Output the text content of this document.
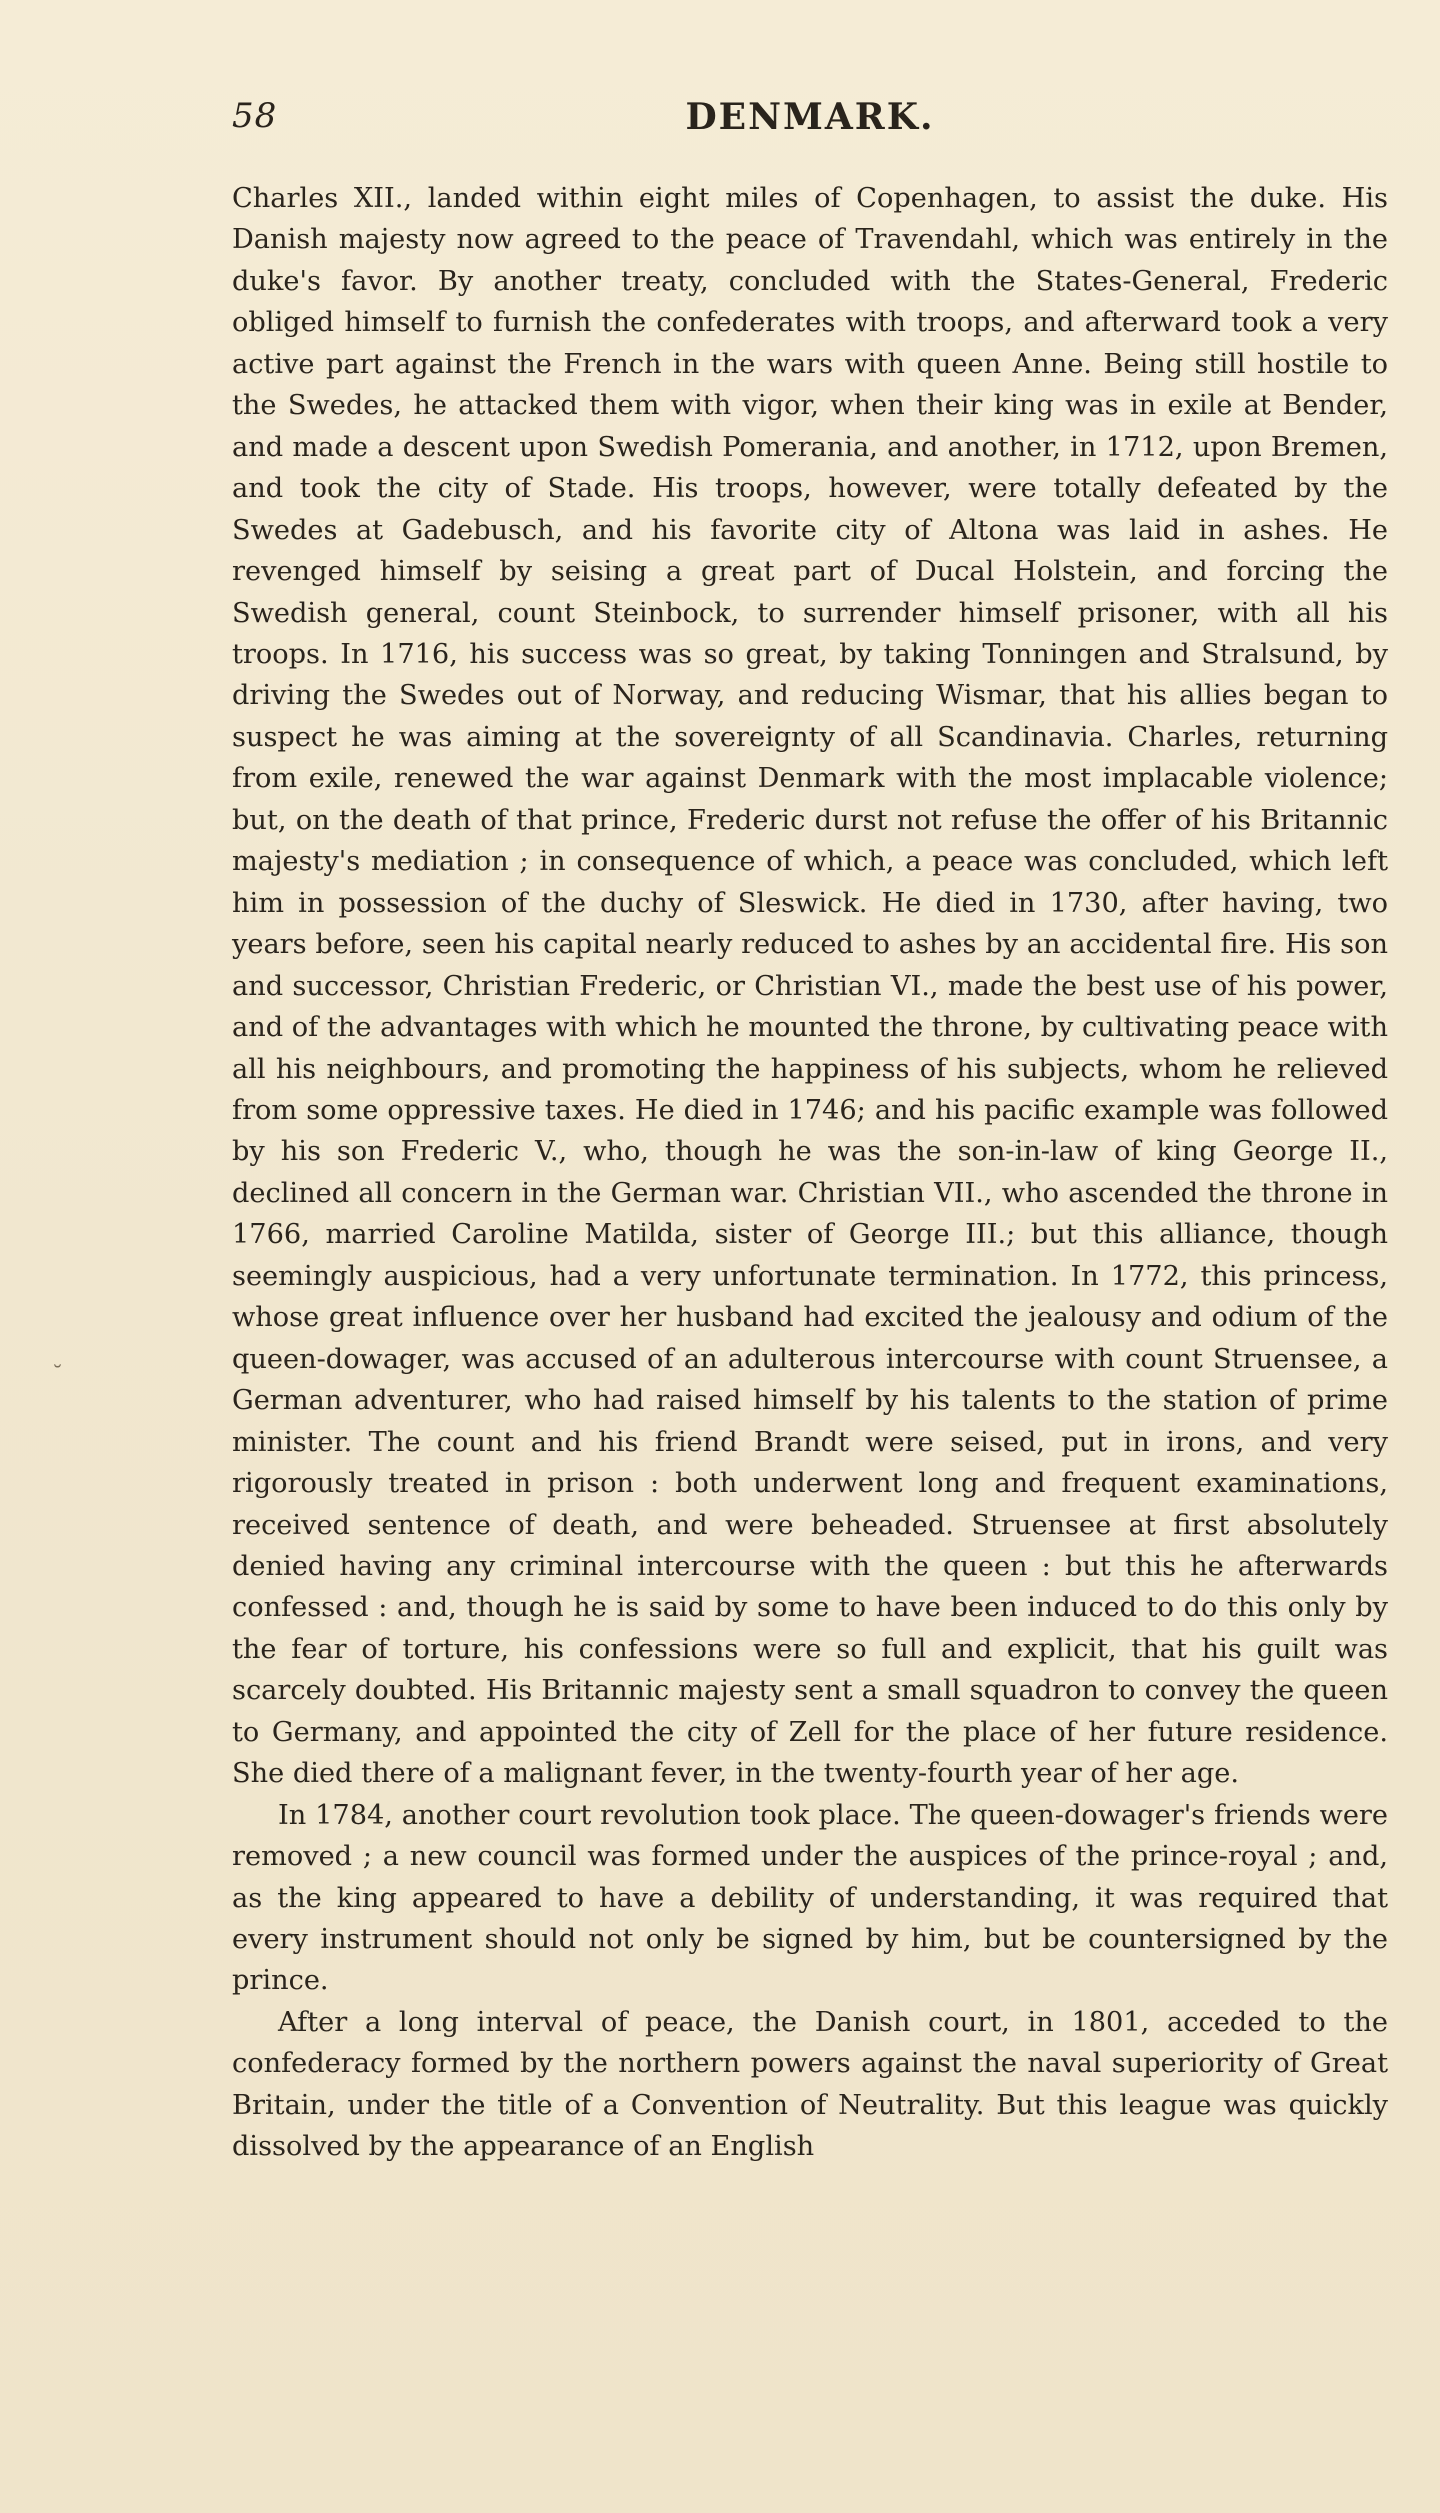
58	DENMARK.
˘

Charles XII., landed within eight miles of Copenhagen, to assist the duke. His Danish majesty now agreed to the peace of Travendahl, which was entirely in the duke's favor. By another treaty, concluded with the States-General, Frederic obliged himself to furnish the confederates with troops, and afterward took a very active part against the French in the wars with queen Anne. Being still hostile to the Swedes, he attacked them with vigor, when their king was in exile at Bender, and made a descent upon Swedish Pomerania, and another, in 1712, upon Bremen, and took the city of Stade. His troops, however, were totally defeated by the Swedes at Gadebusch, and his favorite city of Altona was laid in ashes. He revenged himself by seising a great part of Ducal Holstein, and forcing the Swedish general, count Steinbock, to surrender himself prisoner, with all his troops. In 1716, his success was so great, by taking Tonningen and Stralsund, by driving the Swedes out of Norway, and reducing Wismar, that his allies began to suspect he was aiming at the sovereignty of all Scandinavia. Charles, returning from exile, renewed the war against Denmark with the most implacable violence; but, on the death of that prince, Frederic durst not refuse the offer of his Britannic majesty's mediation ; in consequence of which, a peace was concluded, which left him in possession of the duchy of Sleswick. He died in 1730, after having, two years before, seen his capital nearly reduced to ashes by an accidental fire. His son and successor, Christian Frederic, or Christian VI., made the best use of his power, and of the advantages with which he mounted the throne, by cultivating peace with all his neighbours, and promoting the happiness of his subjects, whom he relieved from some oppressive taxes. He died in 1746; and his pacific example was followed by his son Frederic V., who, though he was the son-in-law of king George II., declined all concern in the German war. Christian VII., who ascended the throne in 1766, married Caroline Matilda, sister of George III.; but this alliance, though seemingly auspicious, had a very unfortunate termination. In 1772, this princess, whose great influence over her husband had excited the jealousy and odium of the queen-dowager, was accused of an adulterous intercourse with count Struensee, a German adventurer, who had raised himself by his talents to the station of prime minister. The count and his friend Brandt were seised, put in irons, and very rigorously treated in prison : both underwent long and frequent examinations, received sentence of death, and were beheaded. Struensee at first absolutely denied having any criminal intercourse with the queen : but this he afterwards confessed : and, though he is said by some to have been induced to do this only by the fear of torture, his confessions were so full and explicit, that his guilt was scarcely doubted. His Britannic majesty sent a small squadron to convey the queen to Germany, and appointed the city of Zell for the place of her future residence. She died there of a malignant fever, in the twenty-fourth year of her age.

In 1784, another court revolution took place. The queen-dowager's friends were removed ; a new council was formed under the auspices of the prince-royal ; and, as the king appeared to have a debility of understanding, it was required that every instrument should not only be signed by him, but be countersigned by the prince.

After a long interval of peace, the Danish court, in 1801, acceded to the confederacy formed by the northern powers against the naval superiority of Great Britain, under the title of a Convention of Neutrality. But this league was quickly dissolved by the appearance of an English
